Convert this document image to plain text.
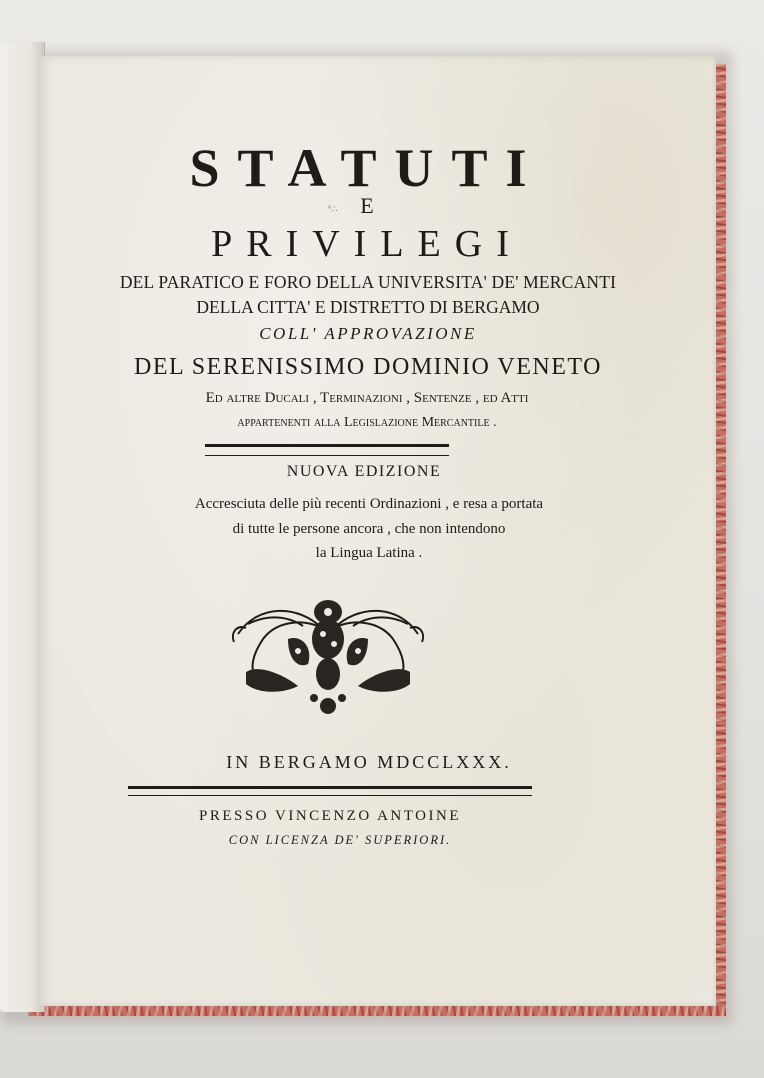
STATUTI
E
°∴
PRIVILEGI
DEL PARATICO E FORO DELLA UNIVERSITA' DE' MERCANTI
DELLA CITTA' E DISTRETTO DI BERGAMO
COLL' APPROVAZIONE
DEL SERENISSIMO DOMINIO VENETO
Ed altre Ducali , Terminazioni , Sentenze , ed Atti
appartenenti alla Legislazione Mercantile .
NUOVA EDIZIONE
Accresciuta delle più recenti Ordinazioni , e resa a portata
di tutte le persone ancora , che non intendono
la Lingua Latina .
IN BERGAMO MDCCLXXX.
PRESSO VINCENZO ANTOINE
CON LICENZA DE' SUPERIORI.
